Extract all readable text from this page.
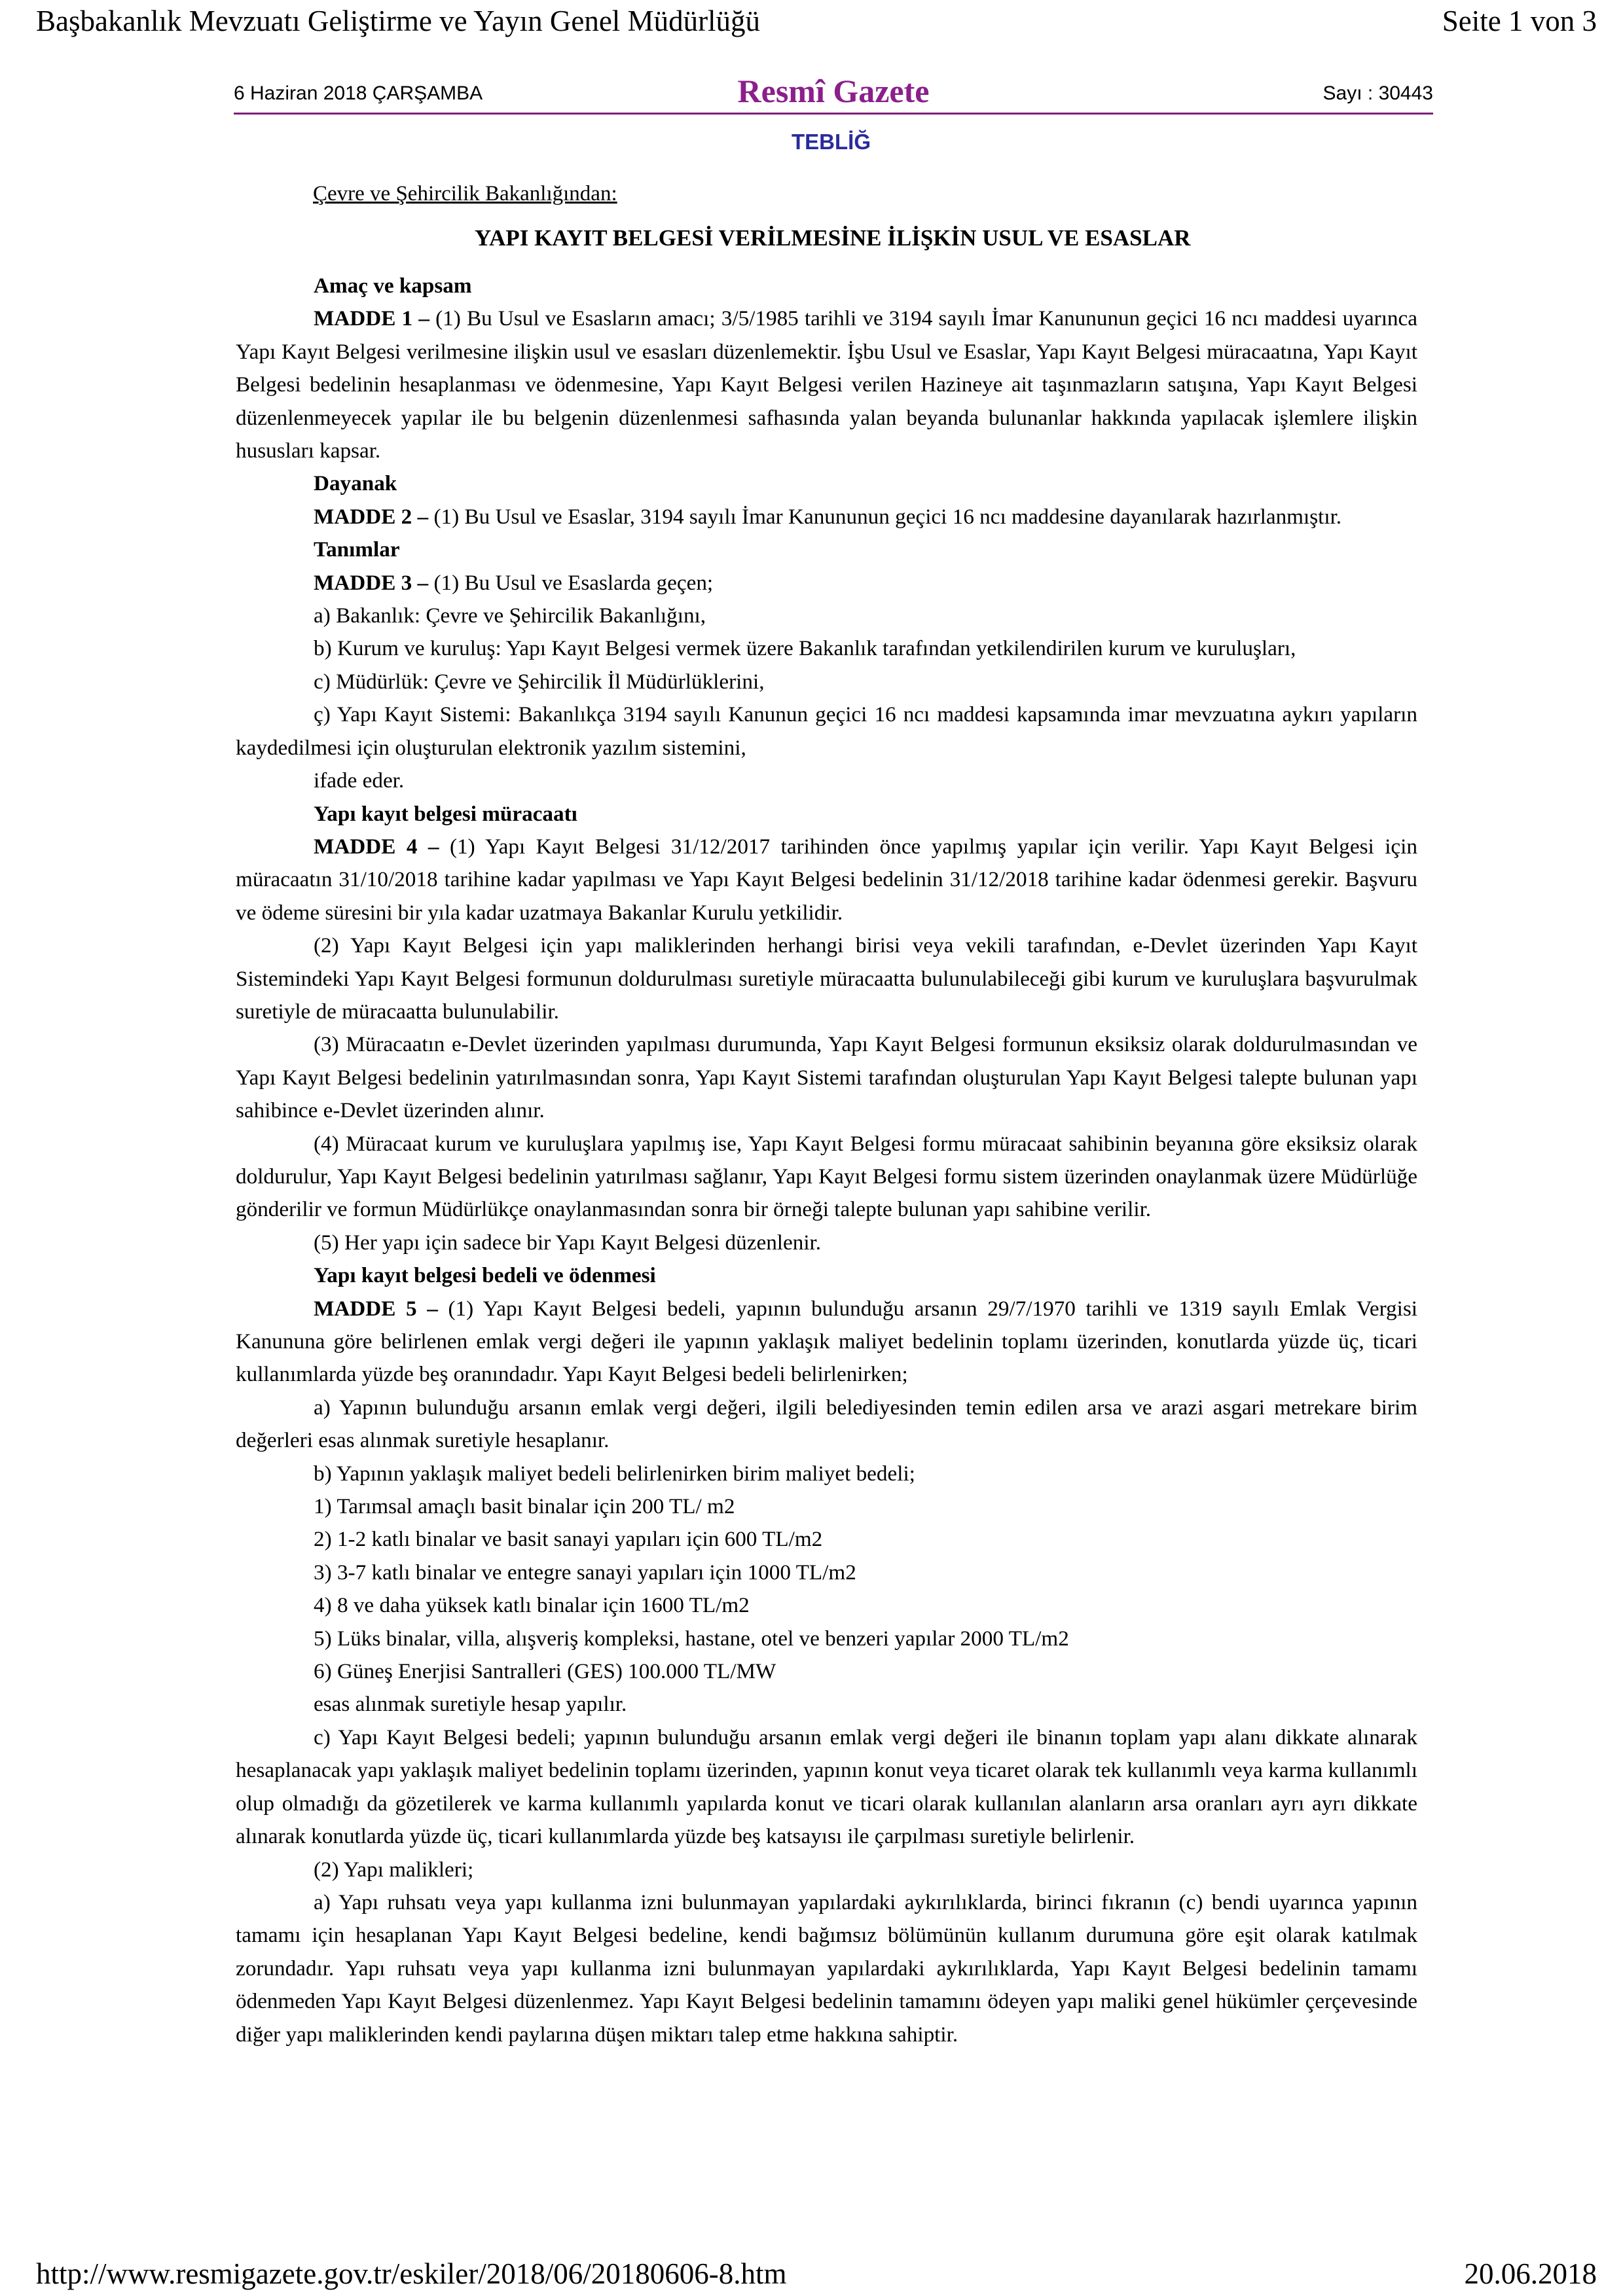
Başbakanlık Mevzuatı Geliştirme ve Yayın Genel Müdürlüğü	Seite 1 von 3
6 Haziran 2018 ÇARŞAMBA	Resmî Gazete	Sayı : 30443
TEBLİĞ
Çevre ve Şehircilik Bakanlığından:
YAPI KAYIT BELGESİ VERİLMESİNE İLİŞKİN USUL VE ESASLAR

Amaç ve kapsam

MADDE 1 – (1) Bu Usul ve Esasların amacı; 3/5/1985 tarihli ve 3194 sayılı İmar Kanununun geçici 16 ncı maddesi uyarınca Yapı Kayıt Belgesi verilmesine ilişkin usul ve esasları düzenlemektir. İşbu Usul ve Esaslar, Yapı Kayıt Belgesi müracaatına, Yapı Kayıt Belgesi bedelinin hesaplanması ve ödenmesine, Yapı Kayıt Belgesi verilen Hazineye ait taşınmazların satışına, Yapı Kayıt Belgesi düzenlenmeyecek yapılar ile bu belgenin düzenlenmesi safhasında yalan beyanda bulunanlar hakkında yapılacak işlemlere ilişkin hususları kapsar.

Dayanak

MADDE 2 – (1) Bu Usul ve Esaslar, 3194 sayılı İmar Kanununun geçici 16 ncı maddesine dayanılarak hazırlanmıştır.

Tanımlar

MADDE 3 – (1) Bu Usul ve Esaslarda geçen;

a) Bakanlık: Çevre ve Şehircilik Bakanlığını,

b) Kurum ve kuruluş: Yapı Kayıt Belgesi vermek üzere Bakanlık tarafından yetkilendirilen kurum ve kuruluşları,

c) Müdürlük: Çevre ve Şehircilik İl Müdürlüklerini,

ç) Yapı Kayıt Sistemi: Bakanlıkça 3194 sayılı Kanunun geçici 16 ncı maddesi kapsamında imar mevzuatına aykırı yapıların kaydedilmesi için oluşturulan elektronik yazılım sistemini,

ifade eder.

Yapı kayıt belgesi müracaatı

MADDE 4 – (1) Yapı Kayıt Belgesi 31/12/2017 tarihinden önce yapılmış yapılar için verilir. Yapı Kayıt Belgesi için müracaatın 31/10/2018 tarihine kadar yapılması ve Yapı Kayıt Belgesi bedelinin 31/12/2018 tarihine kadar ödenmesi gerekir. Başvuru ve ödeme süresini bir yıla kadar uzatmaya Bakanlar Kurulu yetkilidir.

(2) Yapı Kayıt Belgesi için yapı maliklerinden herhangi birisi veya vekili tarafından, e-Devlet üzerinden Yapı Kayıt Sistemindeki Yapı Kayıt Belgesi formunun doldurulması suretiyle müracaatta bulunulabileceği gibi kurum ve kuruluşlara başvurulmak suretiyle de müracaatta bulunulabilir.

(3) Müracaatın e-Devlet üzerinden yapılması durumunda, Yapı Kayıt Belgesi formunun eksiksiz olarak doldurulmasından ve Yapı Kayıt Belgesi bedelinin yatırılmasından sonra, Yapı Kayıt Sistemi tarafından oluşturulan Yapı Kayıt Belgesi talepte bulunan yapı sahibince e-Devlet üzerinden alınır.

(4) Müracaat kurum ve kuruluşlara yapılmış ise, Yapı Kayıt Belgesi formu müracaat sahibinin beyanına göre eksiksiz olarak doldurulur, Yapı Kayıt Belgesi bedelinin yatırılması sağlanır, Yapı Kayıt Belgesi formu sistem üzerinden onaylanmak üzere Müdürlüğe gönderilir ve formun Müdürlükçe onaylanmasından sonra bir örneği talepte bulunan yapı sahibine verilir.

(5) Her yapı için sadece bir Yapı Kayıt Belgesi düzenlenir.

Yapı kayıt belgesi bedeli ve ödenmesi

MADDE 5 – (1) Yapı Kayıt Belgesi bedeli, yapının bulunduğu arsanın 29/7/1970 tarihli ve 1319 sayılı Emlak Vergisi Kanununa göre belirlenen emlak vergi değeri ile yapının yaklaşık maliyet bedelinin toplamı üzerinden, konutlarda yüzde üç, ticari kullanımlarda yüzde beş oranındadır. Yapı Kayıt Belgesi bedeli belirlenirken;

a) Yapının bulunduğu arsanın emlak vergi değeri, ilgili belediyesinden temin edilen arsa ve arazi asgari metrekare birim değerleri esas alınmak suretiyle hesaplanır.

b) Yapının yaklaşık maliyet bedeli belirlenirken birim maliyet bedeli;

1) Tarımsal amaçlı basit binalar için 200 TL/ m2

2) 1-2 katlı binalar ve basit sanayi yapıları için 600 TL/m2

3) 3-7 katlı binalar ve entegre sanayi yapıları için 1000 TL/m2

4) 8 ve daha yüksek katlı binalar için 1600 TL/m2

5) Lüks binalar, villa, alışveriş kompleksi, hastane, otel ve benzeri yapılar 2000 TL/m2

6) Güneş Enerjisi Santralleri (GES) 100.000 TL/MW

esas alınmak suretiyle hesap yapılır.

c) Yapı Kayıt Belgesi bedeli; yapının bulunduğu arsanın emlak vergi değeri ile binanın toplam yapı alanı dikkate alınarak hesaplanacak yapı yaklaşık maliyet bedelinin toplamı üzerinden, yapının konut veya ticaret olarak tek kullanımlı veya karma kullanımlı olup olmadığı da gözetilerek ve karma kullanımlı yapılarda konut ve ticari olarak kullanılan alanların arsa oranları ayrı ayrı dikkate alınarak konutlarda yüzde üç, ticari kullanımlarda yüzde beş katsayısı ile çarpılması suretiyle belirlenir.

(2) Yapı malikleri;

a) Yapı ruhsatı veya yapı kullanma izni bulunmayan yapılardaki aykırılıklarda, birinci fıkranın (c) bendi uyarınca yapının tamamı için hesaplanan Yapı Kayıt Belgesi bedeline, kendi bağımsız bölümünün kullanım durumuna göre eşit olarak katılmak zorundadır. Yapı ruhsatı veya yapı kullanma izni bulunmayan yapılardaki aykırılıklarda, Yapı Kayıt Belgesi bedelinin tamamı ödenmeden Yapı Kayıt Belgesi düzenlenmez. Yapı Kayıt Belgesi bedelinin tamamını ödeyen yapı maliki genel hükümler çerçevesinde diğer yapı maliklerinden kendi paylarına düşen miktarı talep etme hakkına sahiptir.

http://www.resmigazete.gov.tr/eskiler/2018/06/20180606-8.htm	20.06.2018
